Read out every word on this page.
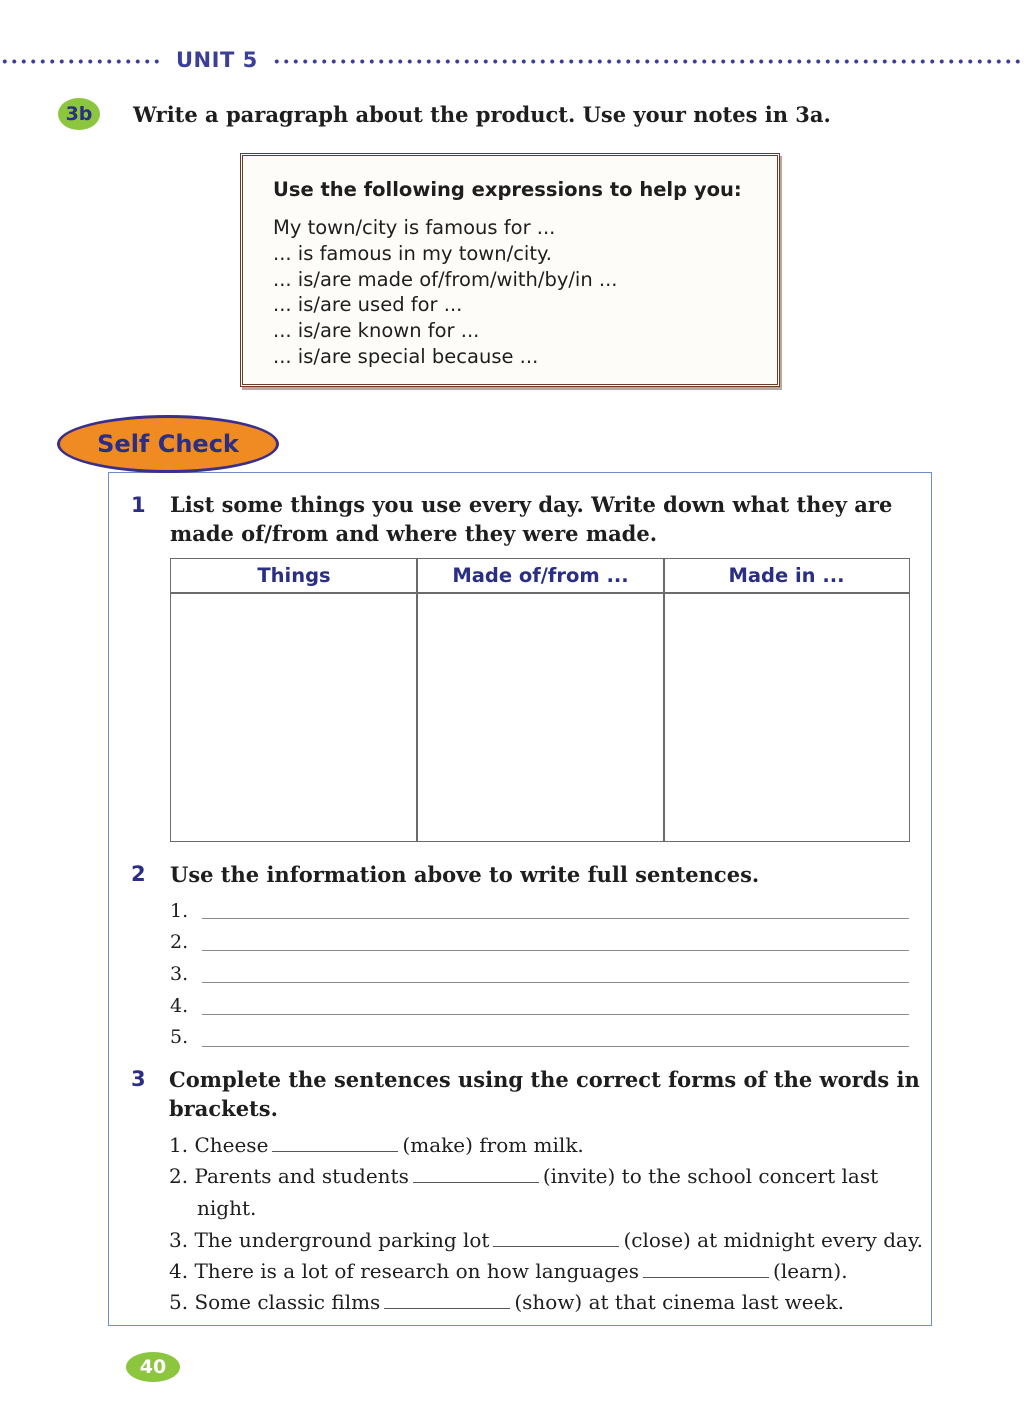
UNIT 5
3b	Write a paragraph about the product. Use your notes in 3a.
Use the following expressions to help you:
My town/city is famous for ...
... is famous in my town/city.
... is/are made of/from/with/by/in ...
... is/are used for ...
... is/are known for ...
... is/are special because ...
Self Check
1 List some things you use every day. Write down what they are
made of/from and where they were made.
Things	Made of/from ...	Made in ...
2 Use the information above to write full sentences.
1.
2.
3.
4.
5.
3 Complete the sentences using the correct forms of the words in
brackets.
1. Cheese	(make) from milk.
2. Parents and students	(invite) to the school concert last
night.
3. The underground parking lot	(close) at midnight every day.
4. There is a lot of research on how languages	(learn).
5. Some classic films	(show) at that cinema last week.
40
